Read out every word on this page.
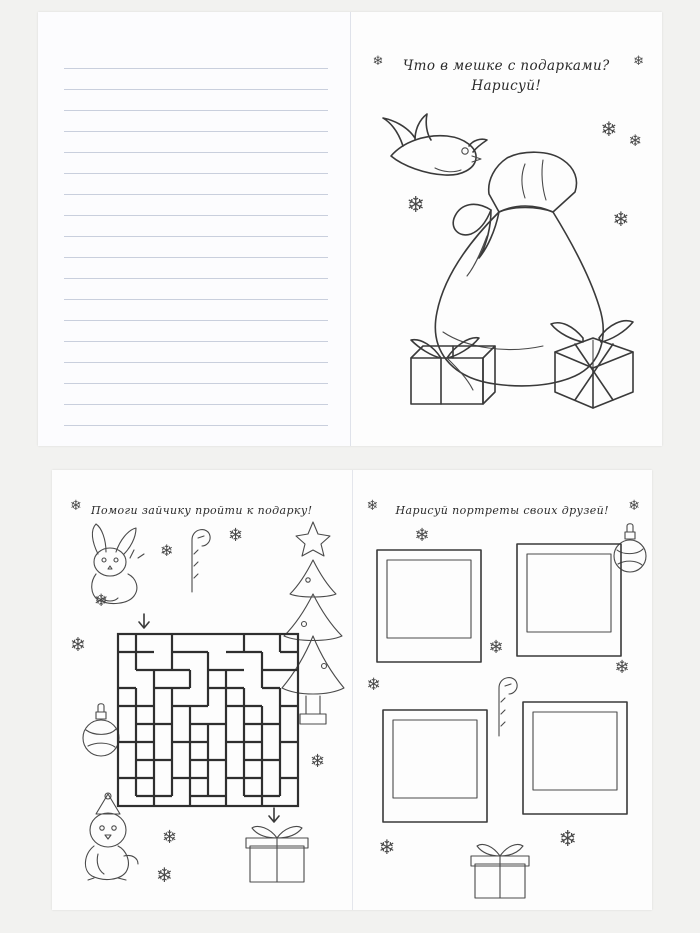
❄	❄
Что в мешке с подарками?
Нарисуй!
❄
❄
❄
❄
❄ Помоги зайчику пройти к подарку!
❄
❄
❄
❄
❄
❄
❄
❄	Нарисуй портреты своих друзей!	❄
❄
❄
❄
❄
❄	❄
